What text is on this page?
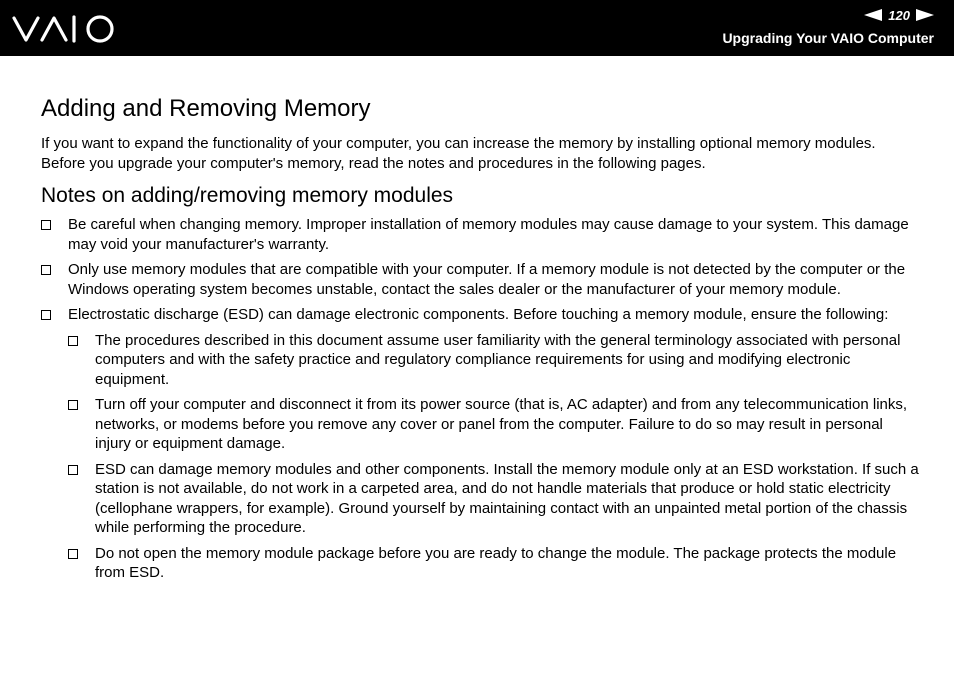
120
Upgrading Your VAIO Computer
Adding and Removing Memory

If you want to expand the functionality of your computer, you can increase the memory by installing optional memory modules. Before you upgrade your computer's memory, read the notes and procedures in the following pages.

Notes on adding/removing memory modules
Be careful when changing memory. Improper installation of memory modules may cause damage to your system. This damage may void your manufacturer's warranty.
Only use memory modules that are compatible with your computer. If a memory module is not detected by the computer or the Windows operating system becomes unstable, contact the sales dealer or the manufacturer of your memory module.
Electrostatic discharge (ESD) can damage electronic components. Before touching a memory module, ensure the following:
The procedures described in this document assume user familiarity with the general terminology associated with personal computers and with the safety practice and regulatory compliance requirements for using and modifying electronic equipment.
Turn off your computer and disconnect it from its power source (that is, AC adapter) and from any telecommunication links, networks, or modems before you remove any cover or panel from the computer. Failure to do so may result in personal injury or equipment damage.
ESD can damage memory modules and other components. Install the memory module only at an ESD workstation. If such a station is not available, do not work in a carpeted area, and do not handle materials that produce or hold static electricity (cellophane wrappers, for example). Ground yourself by maintaining contact with an unpainted metal portion of the chassis while performing the procedure.
Do not open the memory module package before you are ready to change the module. The package protects the module from ESD.
